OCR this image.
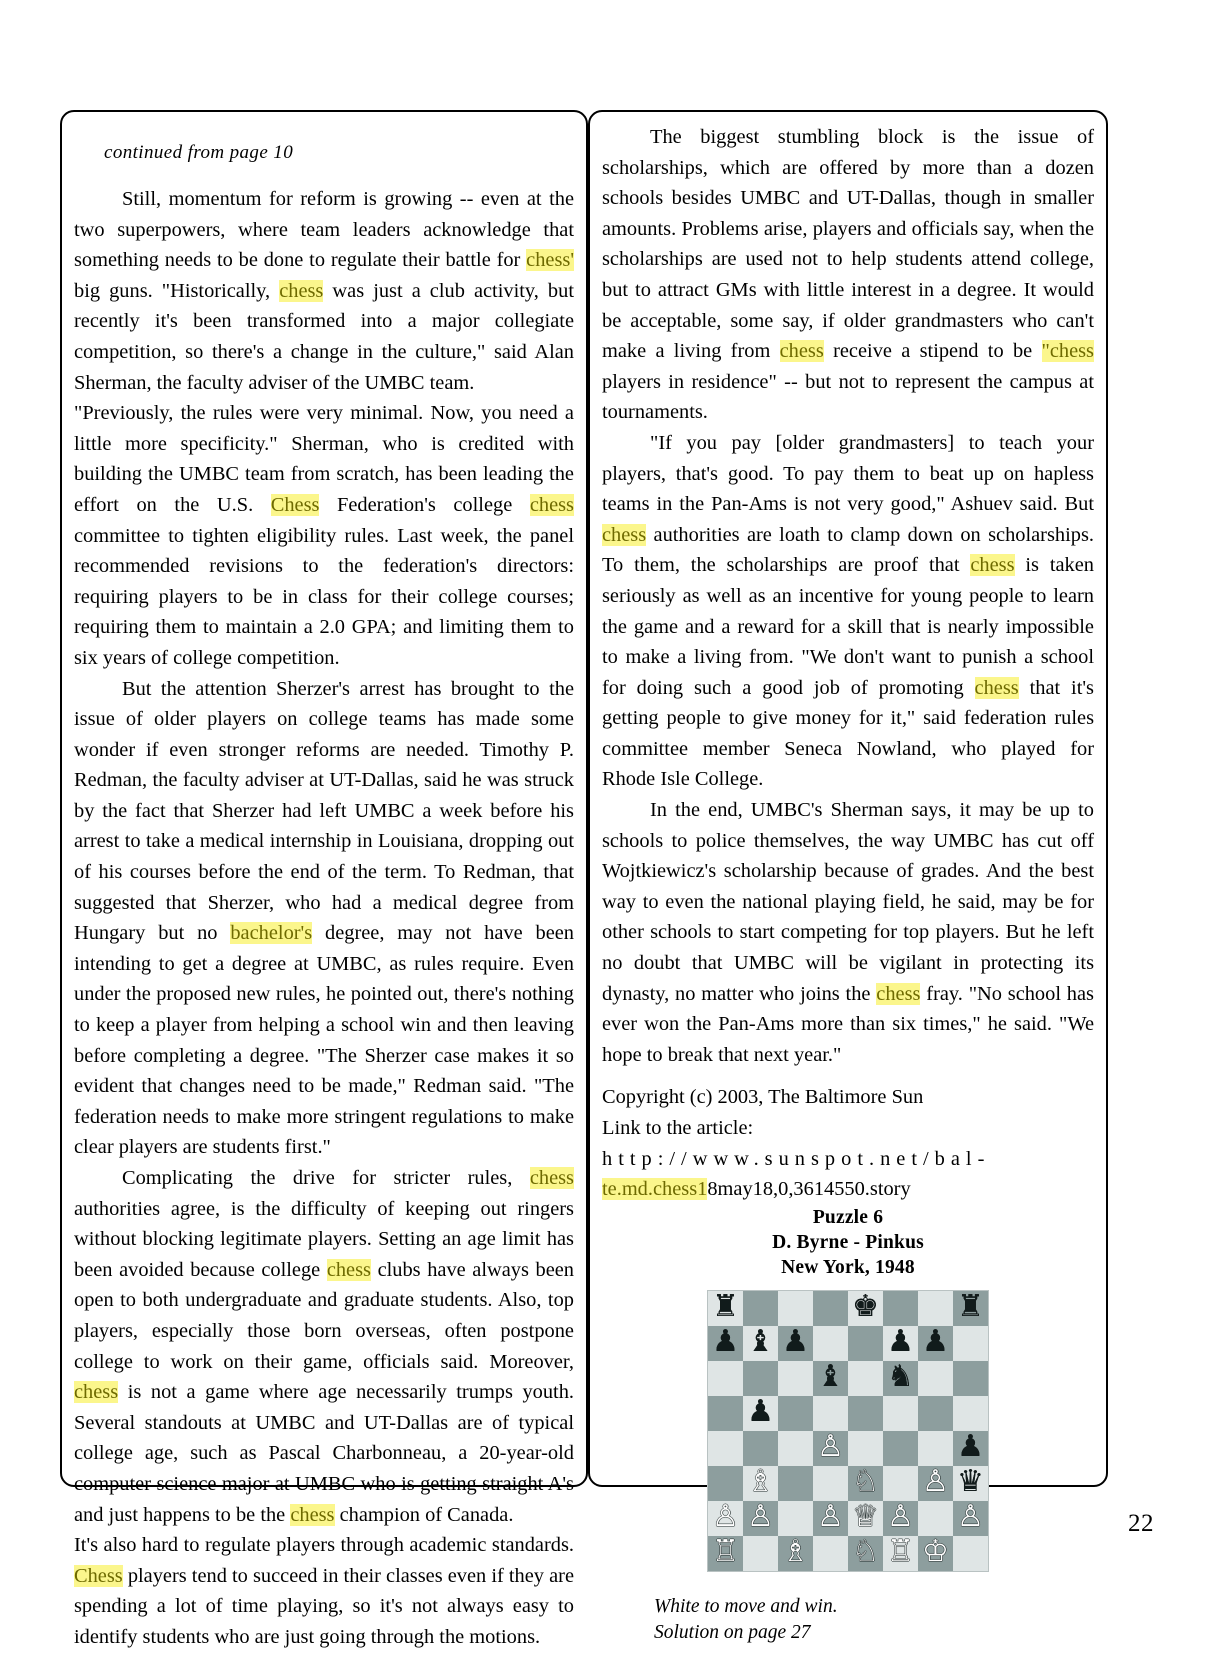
continued from page 10
Still, momentum for reform is growing -- even at the two superpowers, where team leaders acknowledge that something needs to be done to regulate their battle for chess' big guns. "Historically, chess was just a club activity, but recently it's been transformed into a major collegiate competition, so there's a change in the culture," said Alan Sherman, the faculty adviser of the UMBC team.
"Previously, the rules were very minimal. Now, you need a little more specificity." Sherman, who is credited with building the UMBC team from scratch, has been leading the effort on the U.S. Chess Federation's college chess committee to tighten eligibility rules. Last week, the panel recommended revisions to the federation's directors: requiring players to be in class for their college courses; requiring them to maintain a 2.0 GPA; and limiting them to six years of college competition.
But the attention Sherzer's arrest has brought to the issue of older players on college teams has made some wonder if even stronger reforms are needed. Timothy P. Redman, the faculty adviser at UT-Dallas, said he was struck by the fact that Sherzer had left UMBC a week before his arrest to take a medical internship in Louisiana, dropping out of his courses before the end of the term. To Redman, that suggested that Sherzer, who had a medical degree from Hungary but no bachelor's degree, may not have been intending to get a degree at UMBC, as rules require. Even under the proposed new rules, he pointed out, there's nothing to keep a player from helping a school win and then leaving before completing a degree. "The Sherzer case makes it so evident that changes need to be made," Redman said. "The federation needs to make more stringent regulations to make clear players are students first."
Complicating the drive for stricter rules, chess authorities agree, is the difficulty of keeping out ringers without blocking legitimate players. Setting an age limit has been avoided because college chess clubs have always been open to both undergraduate and graduate students. Also, top players, especially those born overseas, often postpone college to work on their game, officials said. Moreover, chess is not a game where age necessarily trumps youth. Several standouts at UMBC and UT-Dallas are of typical college age, such as Pascal Charbonneau, a 20-year-old computer science major at UMBC who is getting straight A's and just happens to be the chess champion of Canada.
It's also hard to regulate players through academic standards. Chess players tend to succeed in their classes even if they are spending a lot of time playing, so it's not always easy to identify students who are just going through the motions.
The biggest stumbling block is the issue of scholarships, which are offered by more than a dozen schools besides UMBC and UT-Dallas, though in smaller amounts. Problems arise, players and officials say, when the scholarships are used not to help students attend college, but to attract GMs with little interest in a degree. It would be acceptable, some say, if older grandmasters who can't make a living from chess receive a stipend to be "chess players in residence" -- but not to represent the campus at tournaments.
"If you pay [older grandmasters] to teach your players, that's good. To pay them to beat up on hapless teams in the Pan-Ams is not very good," Ashuev said. But chess authorities are loath to clamp down on scholarships. To them, the scholarships are proof that chess is taken seriously as well as an incentive for young people to learn the game and a reward for a skill that is nearly impossible to make a living from. "We don't want to punish a school for doing such a good job of promoting chess that it's getting people to give money for it," said federation rules committee member Seneca Nowland, who played for Rhode Isle College.
In the end, UMBC's Sherman says, it may be up to schools to police themselves, the way UMBC has cut off Wojtkiewicz's scholarship because of grades. And the best way to even the national playing field, he said, may be for other schools to start competing for top players. But he left no doubt that UMBC will be vigilant in protecting its dynasty, no matter who joins the chess fray. "No school has ever won the Pan-Ams more than six times," he said. "We hope to break that next year."
Copyright (c) 2003, The Baltimore Sun
Link to the article:
http://www.sunspot.net/bal-
te.md.chess18may18,0,3614550.story
Puzzle 6
D. Byrne - Pinkus
New York, 1948
♜	♚	♜
♟ ♝ ♟	♟ ♟
♝ ♞
♟
♙	♟
♗	♘ ♙ ♛
♙ ♙ ♙ ♕ ♙ ♙
♖ ♗ ♘ ♖ ♔
White to move and win.
Solution on page 27
22
